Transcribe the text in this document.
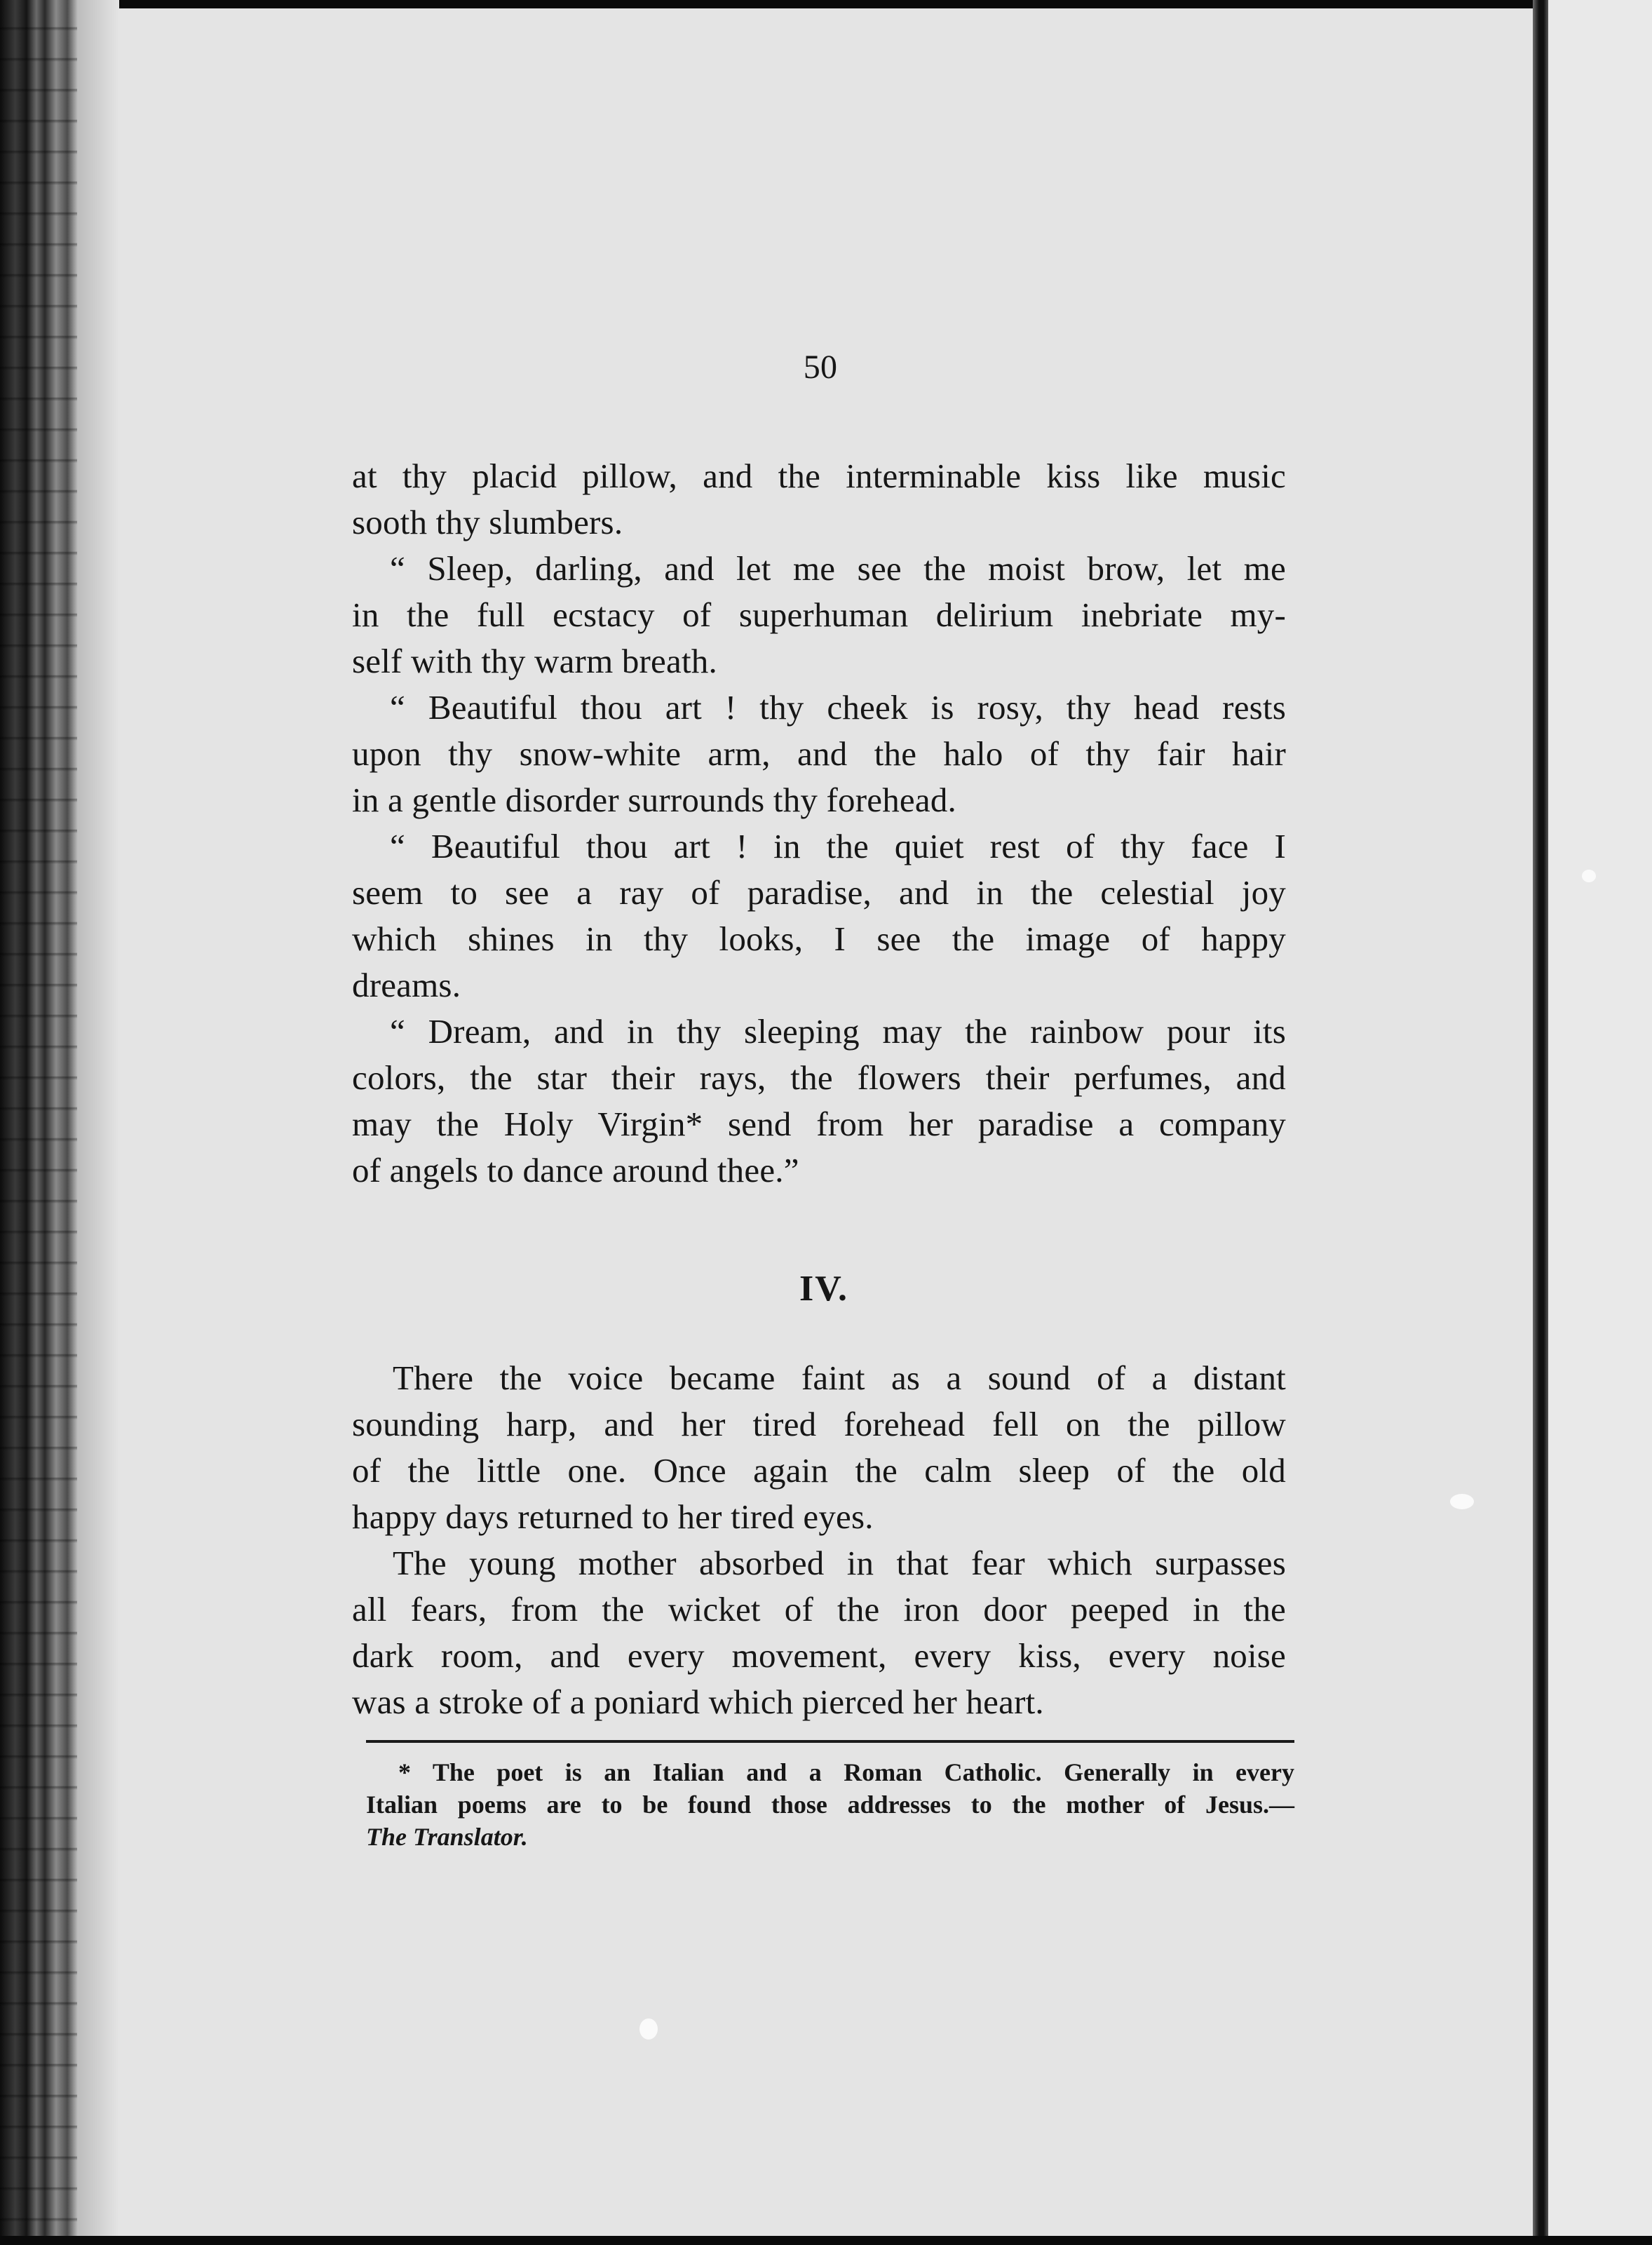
50
at thy placid pillow, and the interminable kiss like music
sooth thy slumbers.
“ Sleep, darling, and let me see the moist brow, let me
in the full ecstacy of superhuman delirium inebriate my-
self with thy warm breath.
“ Beautiful thou art ! thy cheek is rosy, thy head rests
upon thy snow-white arm, and the halo of thy fair hair
in a gentle disorder surrounds thy forehead.
“ Beautiful thou art ! in the quiet rest of thy face I
seem to see a ray of paradise, and in the celestial joy
which shines in thy looks, I see the image of happy
dreams.
“ Dream, and in thy sleeping may the rainbow pour its
colors, the star their rays, the flowers their perfumes, and
may the Holy Virgin* send from her paradise a company
of angels to dance around thee.”
IV.
There the voice became faint as a sound of a distant
sounding harp, and her tired forehead fell on the pillow
of the little one. Once again the calm sleep of the old
happy days returned to her tired eyes.
The young mother absorbed in that fear which surpasses
all fears, from the wicket of the iron door peeped in the
dark room, and every movement, every kiss, every noise
was a stroke of a poniard which pierced her heart.
* The poet is an Italian and a Roman Catholic. Generally in every
Italian poems are to be found those addresses to the mother of Jesus.—
The Translator.
